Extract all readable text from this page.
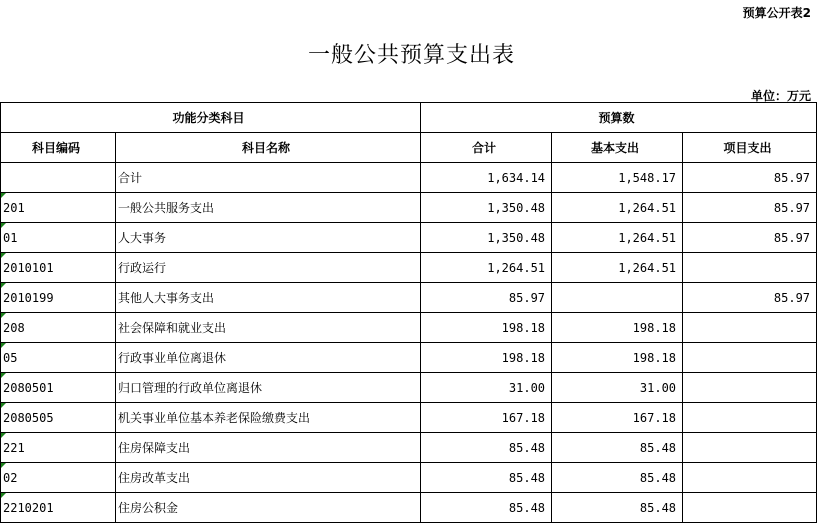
预算公开表2
一般公共预算支出表
单位：万元
功能分类科目		预算数		
科目编码	科目名称	合计	基本支出	项目支出
	合计	1,634.14	1,548.17	85.97
201	一般公共服务支出	1,350.48	1,264.51	85.97
01	人大事务	1,350.48	1,264.51	85.97
2010101	行政运行	1,264.51	1,264.51	
2010199	其他人大事务支出	85.97		85.97
208	社会保障和就业支出	198.18	198.18	
05	行政事业单位离退休	198.18	198.18	
2080501	归口管理的行政单位离退休	31.00	31.00	
2080505	机关事业单位基本养老保险缴费支出	167.18	167.18	
221	住房保障支出	85.48	85.48	
02	住房改革支出	85.48	85.48	
2210201	住房公积金	85.48	85.48	
